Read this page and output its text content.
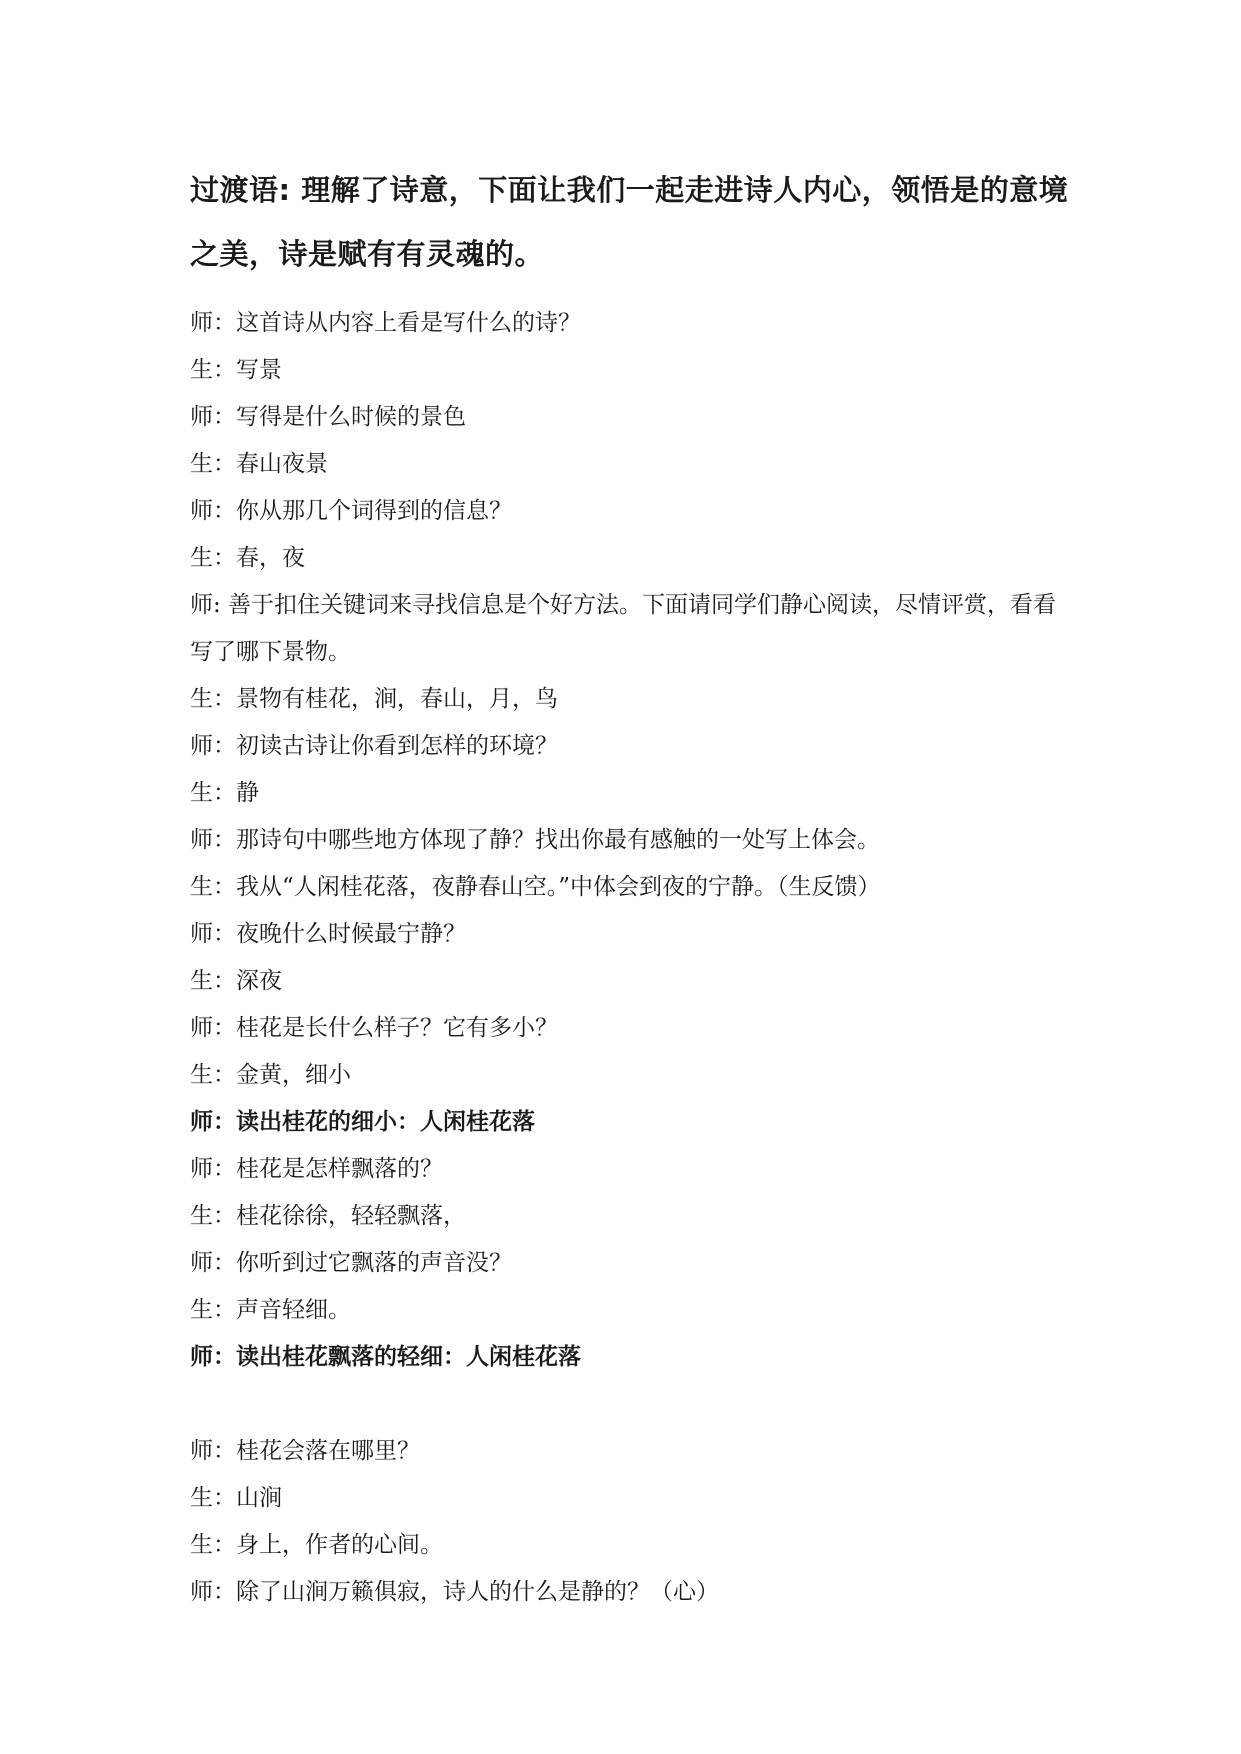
过渡语: 理解了诗意，下面让我们一起走进诗人内心，领悟是的意境之美，诗是赋有有灵魂的。
师：这首诗从内容上看是写什么的诗？
生：写景
师：写得是什么时候的景色
生：春山夜景
师：你从那几个词得到的信息？
生：春，夜
师: 善于扣住关键词来寻找信息是个好方法。下面请同学们静心阅读，尽情评赏，看看写了哪下景物。
生：景物有桂花，涧，春山，月，鸟
师：初读古诗让你看到怎样的环境？
生：静
师：那诗句中哪些地方体现了静？找出你最有感触的一处写上体会。
生：我从“人闲桂花落，夜静春山空。”中体会到夜的宁静。（生反馈）
师：夜晚什么时候最宁静？
生：深夜
师：桂花是长什么样子？它有多小？
生：金黄，细小
师：读出桂花的细小：人闲桂花落
师：桂花是怎样飘落的？
生：桂花徐徐，轻轻飘落，
师：你听到过它飘落的声音没？
生：声音轻细。
师：读出桂花飘落的轻细：人闲桂花落
师：桂花会落在哪里？
生：山涧
生：身上，作者的心间。
师：除了山涧万籁俱寂，诗人的什么是静的？（心）
